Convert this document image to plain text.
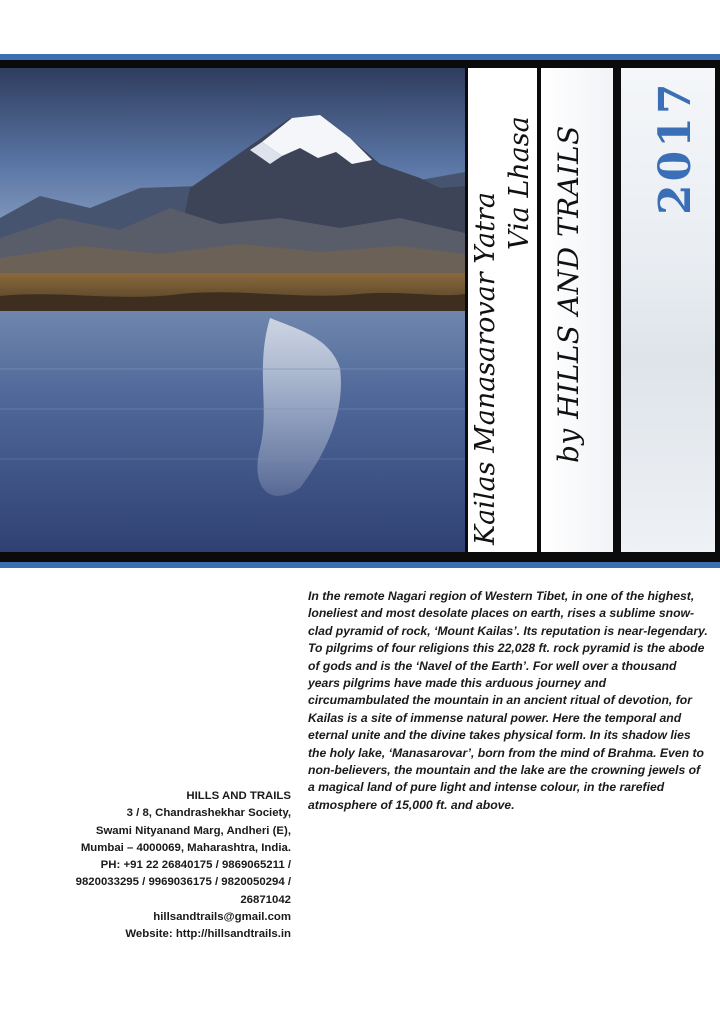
Kailas Manasarovar Yatra
Via Lhasa by HILLS AND TRAILS 2017

In the remote Nagari region of Western Tibet, in one of the highest, loneliest and most desolate places on earth, rises a sublime snow-clad pyramid of rock, ‘Mount Kailas’. Its reputation is near-legendary. To pilgrims of four religions this 22,028 ft. rock pyramid is the abode of gods and is the ‘Navel of the Earth’. For well over a thousand years pilgrims have made this arduous journey and circumambulated the mountain in an ancient ritual of devotion, for Kailas is a site of immense natural power. Here the temporal and eternal unite and the divine takes physical form. In its shadow lies the holy lake, ‘Manasarovar’, born from the mind of Brahma. Even to non-believers, the mountain and the lake are the crowning jewels of a magical land of pure light and intense colour, in the rarefied atmosphere of 15,000 ft. and above.

HILLS AND TRAILS
3 / 8, Chandrashekhar Society,
Swami Nityanand Marg, Andheri (E),
Mumbai – 4000069, Maharashtra, India.
PH: +91 22 26840175 / 9869065211 /
9820033295 / 9969036175 / 9820050294 /
26871042
hillsandtrails@gmail.com
Website: http://hillsandtrails.in
